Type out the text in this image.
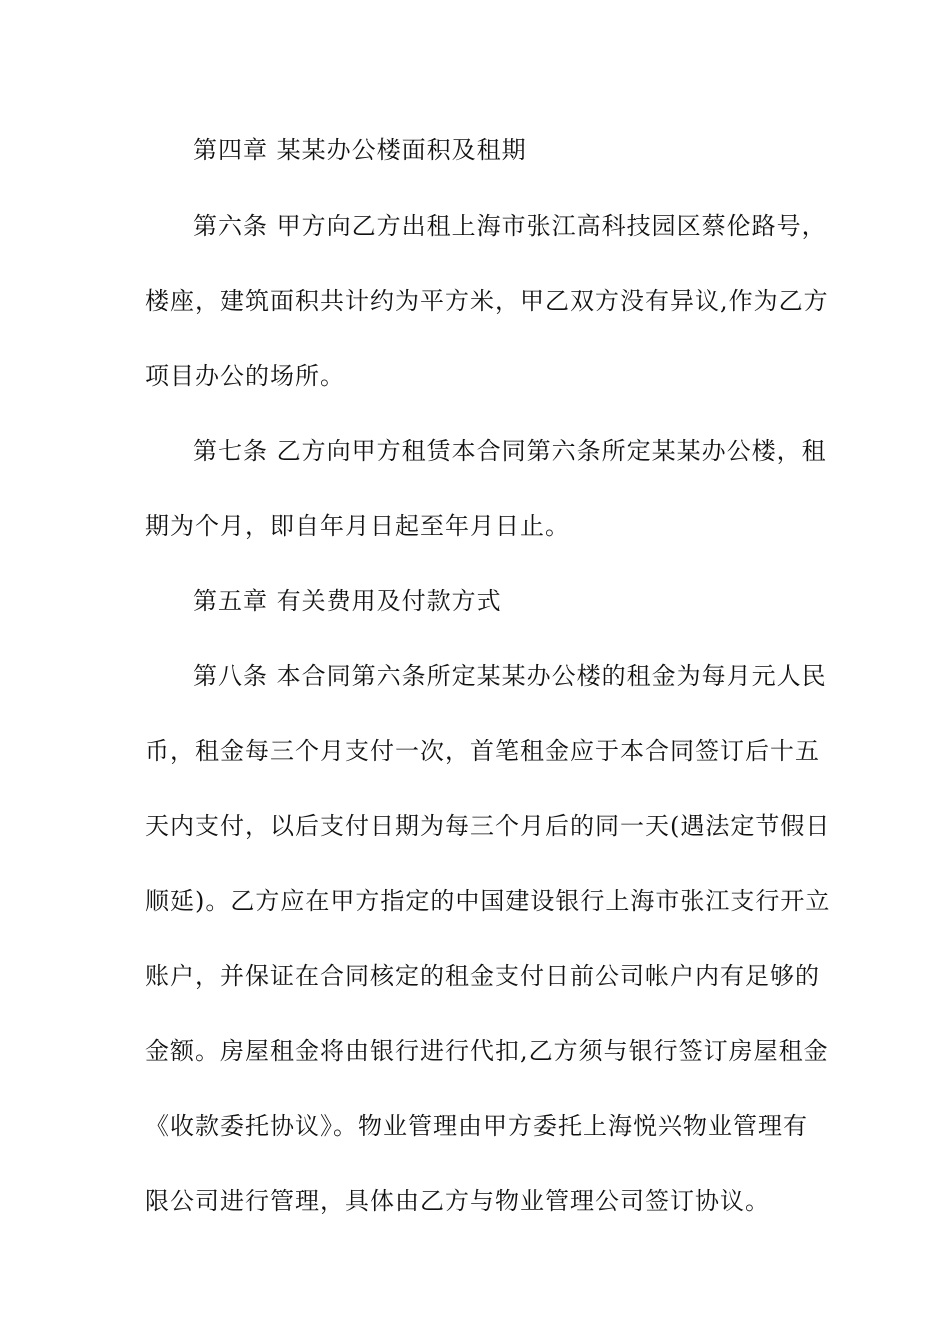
第四章 某某办公楼面积及租期
第六条 甲方向乙方出租上海市张江高科技园区蔡伦路号，
楼座，建筑面积共计约为平方米，甲乙双方没有异议,作为乙方
项目办公的场所。
第七条 乙方向甲方租赁本合同第六条所定某某办公楼，租
期为个月，即自年月日起至年月日止。
第五章 有关费用及付款方式
第八条 本合同第六条所定某某办公楼的租金为每月元人民
币，租金每三个月支付一次，首笔租金应于本合同签订后十五
天内支付，以后支付日期为每三个月后的同一天(遇法定节假日
顺延)。乙方应在甲方指定的中国建设银行上海市张江支行开立
账户，并保证在合同核定的租金支付日前公司帐户内有足够的
金额。房屋租金将由银行进行代扣,乙方须与银行签订房屋租金
《收款委托协议》。物业管理由甲方委托上海悦兴物业管理有
限公司进行管理，具体由乙方与物业管理公司签订协议。
